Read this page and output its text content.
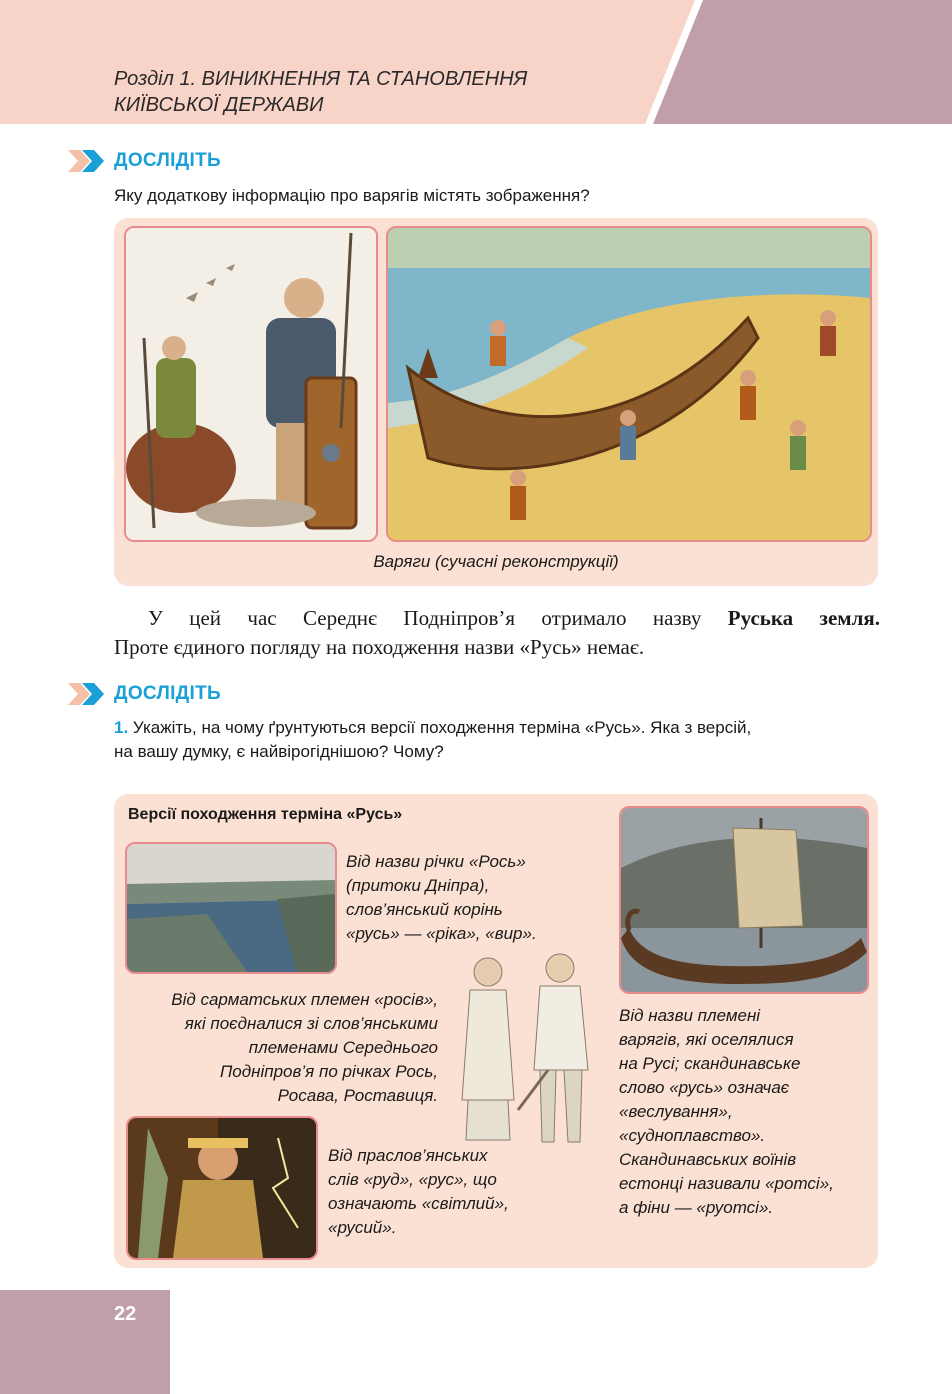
Розділ 1. ВИНИКНЕННЯ ТА СТАНОВЛЕННЯ
КИЇВСЬКОЇ ДЕРЖАВИ
ДОСЛІДІТЬ
Яку додаткову інформацію про варягів містять зображення?
Варяги (сучасні реконструкції)
У цей час Середнє Подніпров’я отримало назву Руська земля.
Проте єдиного погляду на походження назви «Русь» немає.
ДОСЛІДІТЬ
1. Укажіть, на чому ґрунтуються версії походження терміна «Русь». Яка з версій,
на вашу думку, є найвірогіднішою? Чому?
Версії походження терміна «Русь»
Від назви річки «Рось»
(притоки Дніпра),
слов’янський корінь
«русь» — «ріка», «вир».
Від сарматських племен «росів»,
які поєдналися зі слов’янськими
племенами Середнього
Подніпров’я по річках Рось,
Росава, Роставиця.
Від праслов’янських
слів «руд», «рус», що
означають «світлий»,
«русий».
Від назви племені
варягів, які оселялися
на Русі; скандинавське
слово «русь» означає
«веслування»,
«судноплавство».
Скандинавських воїнів
естонці називали «ротсі»,
а фіни — «руотсі».
22
